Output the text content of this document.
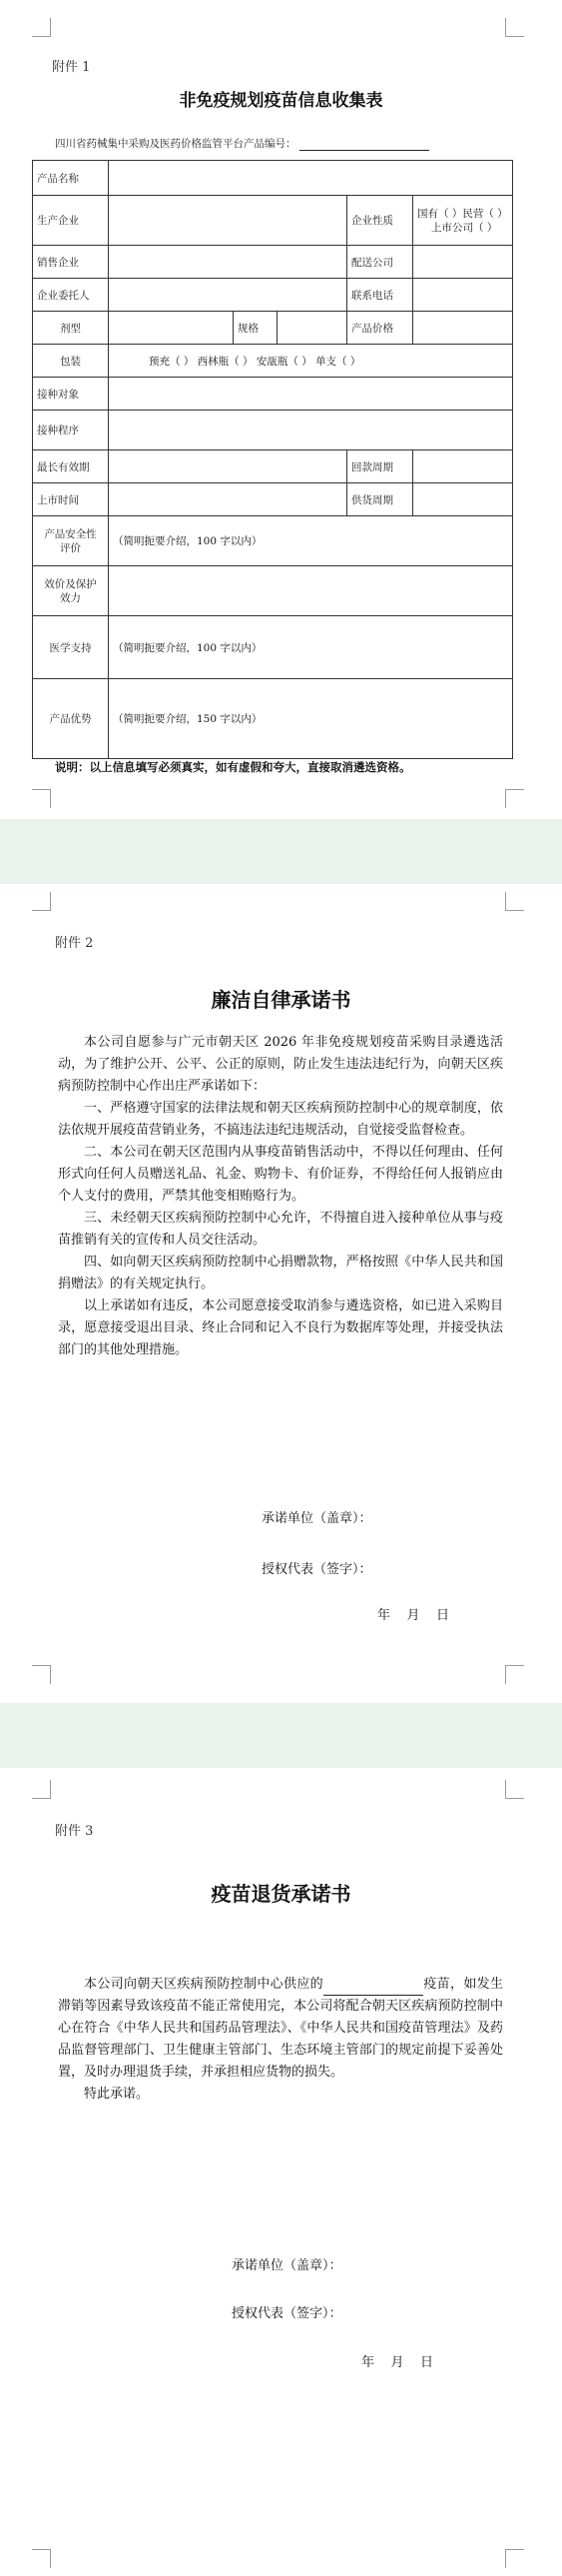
附件 1
非免疫规划疫苗信息收集表
四川省药械集中采购及医药价格监管平台产品编号：
产品名称					
生产企业				企业性质	国有（ ）民营（ ）
上市公司（ ）

销售企业				配送公司	
企业委托人				联系电话	
剂型		规格		产品价格	
包装	预充（ ） 西林瓶（ ） 安瓿瓶（ ） 单支（ ）				
接种对象					
接种程序					
最长有效期				回款周期	
上市时间				供货周期	

产品安全性
评价	（简明扼要介绍，100 字以内）				

效价及保护
效力					

医学支持	（简明扼要介绍，100 字以内）				
产品优势	（简明扼要介绍，150 字以内）				
说明：以上信息填写必须真实，如有虚假和夸大，直接取消遴选资格。
附件 2
廉洁自律承诺书

本公司自愿参与广元市朝天区 2026 年非免疫规划疫苗采购目录遴选活动，为了维护公开、公平、公正的原则，防止发生违法违纪行为，向朝天区疾病预防控制中心作出庄严承诺如下：

一、严格遵守国家的法律法规和朝天区疾病预防控制中心的规章制度，依法依规开展疫苗营销业务，不搞违法违纪违规活动，自觉接受监督检查。

二、本公司在朝天区范围内从事疫苗销售活动中，不得以任何理由、任何形式向任何人员赠送礼品、礼金、购物卡、有价证券，不得给任何人报销应由个人支付的费用，严禁其他变相贿赂行为。

三、未经朝天区疾病预防控制中心允许，不得擅自进入接种单位从事与疫苗推销有关的宣传和人员交往活动。

四、如向朝天区疾病预防控制中心捐赠款物，严格按照《中华人民共和国捐赠法》的有关规定执行。

以上承诺如有违反，本公司愿意接受取消参与遴选资格，如已进入采购目录，愿意接受退出目录、终止合同和记入不良行为数据库等处理，并接受执法部门的其他处理措施。

承诺单位（盖章）：
授权代表（签字）：
年    月    日
附件 3
疫苗退货承诺书

本公司向朝天区疾病预防控制中心供应的	疫苗，如发生滞销等因素导致该疫苗不能正常使用完，本公司将配合朝天区疾病预防控制中心在符合《中华人民共和国药品管理法》、《中华人民共和国疫苗管理法》及药品监督管理部门、卫生健康主管部门、生态环境主管部门的规定前提下妥善处置，及时办理退货手续，并承担相应货物的损失。

特此承诺。

承诺单位（盖章）：
授权代表（签字）：
年    月    日
